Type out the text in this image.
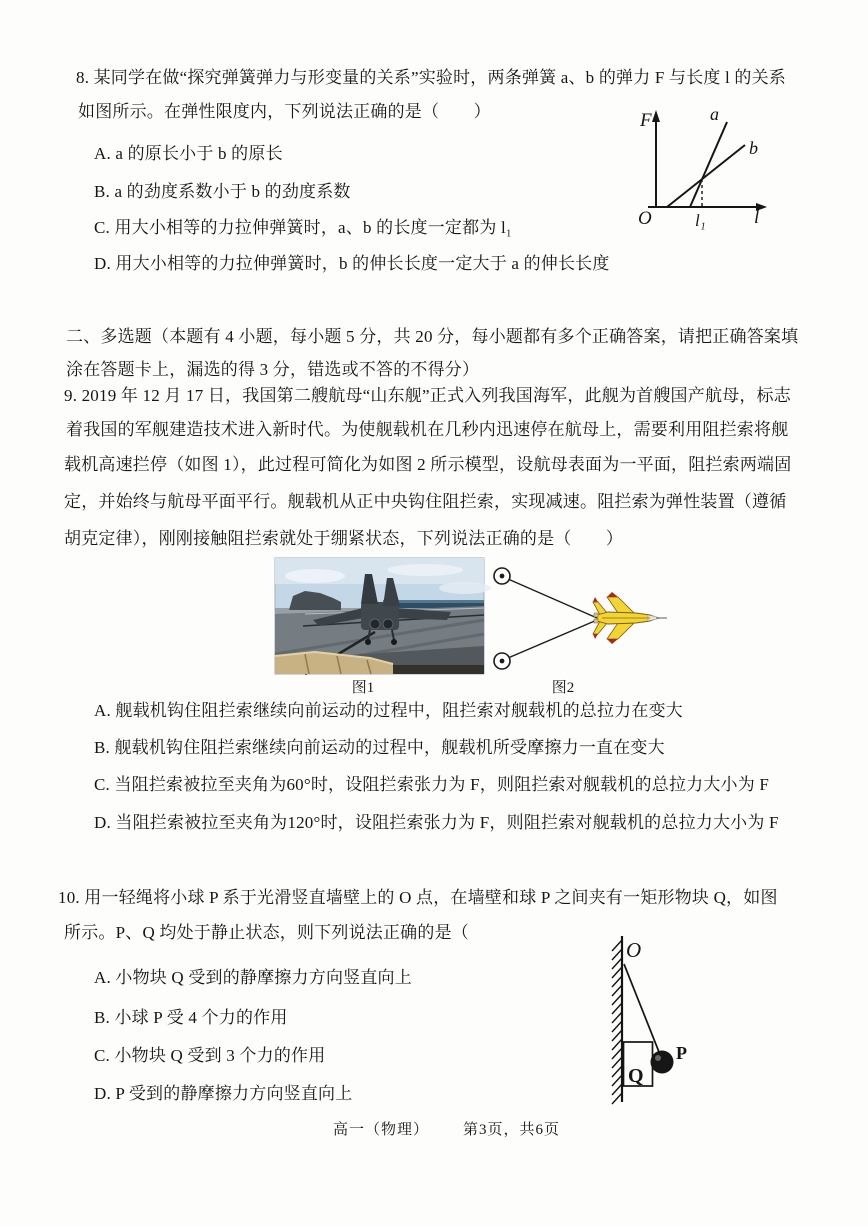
8. 某同学在做“探究弹簧弹力与形变量的关系”实验时，两条弹簧 a、b 的弹力 F 与长度 l 的关系
如图所示。在弹性限度内，下列说法正确的是（　　）
A. a 的原长小于 b 的原长
B. a 的劲度系数小于 b 的劲度系数
C. 用大小相等的力拉伸弹簧时，a、b 的长度一定都为 l₁
D. 用大小相等的力拉伸弹簧时，b 的伸长长度一定大于 a 的伸长长度
O
F
l
a
b
l₁
二、多选题（本题有 4 小题，每小题 5 分，共 20 分，每小题都有多个正确答案，请把正确答案填
涂在答题卡上，漏选的得 3 分，错选或不答的不得分）
9. 2019 年 12 月 17 日，我国第二艘航母“山东舰”正式入列我国海军，此舰为首艘国产航母，标志
着我国的军舰建造技术进入新时代。为使舰载机在几秒内迅速停在航母上，需要利用阻拦索将舰
载机高速拦停（如图 1），此过程可简化为如图 2 所示模型，设航母表面为一平面，阻拦索两端固
定，并始终与航母平面平行。舰载机从正中央钩住阻拦索，实现减速。阻拦索为弹性装置（遵循
胡克定律），刚刚接触阻拦索就处于绷紧状态，下列说法正确的是（　　）
图1	图2
A. 舰载机钩住阻拦索继续向前运动的过程中，阻拦索对舰载机的总拉力在变大
B. 舰载机钩住阻拦索继续向前运动的过程中，舰载机所受摩擦力一直在变大
C. 当阻拦索被拉至夹角为60°时，设阻拦索张力为 F，则阻拦索对舰载机的总拉力大小为 F
D. 当阻拦索被拉至夹角为120°时，设阻拦索张力为 F，则阻拦索对舰载机的总拉力大小为 F
10. 用一轻绳将小球 P 系于光滑竖直墙壁上的 O 点，在墙壁和球 P 之间夹有一矩形物块 Q，如图
所示。P、Q 均处于静止状态，则下列说法正确的是（
A. 小物块 Q 受到的静摩擦力方向竖直向上
B. 小球 P 受 4 个力的作用
C. 小物块 Q 受到 3 个力的作用
D. P 受到的静摩擦力方向竖直向上
O
Q
P
高一（物理） 第3页，共6页
